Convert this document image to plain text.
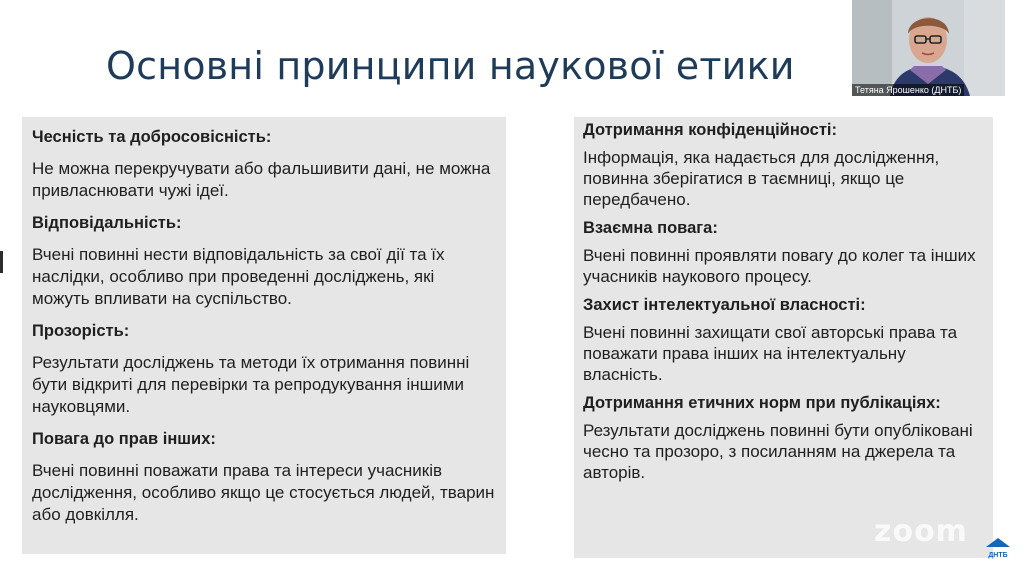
Основні принципи наукової етики
Чесність та добросовісність:
Не можна перекручувати або фальшивити дані, не можна привласнювати чужі ідеї.
Відповідальність:
Вчені повинні нести відповідальність за свої дії та їх наслідки, особливо при проведенні досліджень, які можуть впливати на суспільство.
Прозорість:
Результати досліджень та методи їх отримання повинні бути відкриті для перевірки та репродукування іншими науковцями.
Повага до прав інших:
Вчені повинні поважати права та інтереси учасників дослідження, особливо якщо це стосується людей, тварин або довкілля.
Дотримання конфіденційності:
Інформація, яка надається для дослідження, повинна зберігатися в таємниці, якщо це передбачено.
Взаємна повага:
Вчені повинні проявляти повагу до колег та інших учасників наукового процесу.
Захист інтелектуальної власності:
Вчені повинні захищати свої авторські права та поважати права інших на інтелектуальну власність.
Дотримання етичних норм при публікаціях:
Результати досліджень повинні бути опубліковані чесно та прозоро, з посиланням на джерела та авторів.
Тетяна Ярошенко (ДНТБ)
zoom
ДНТБ
